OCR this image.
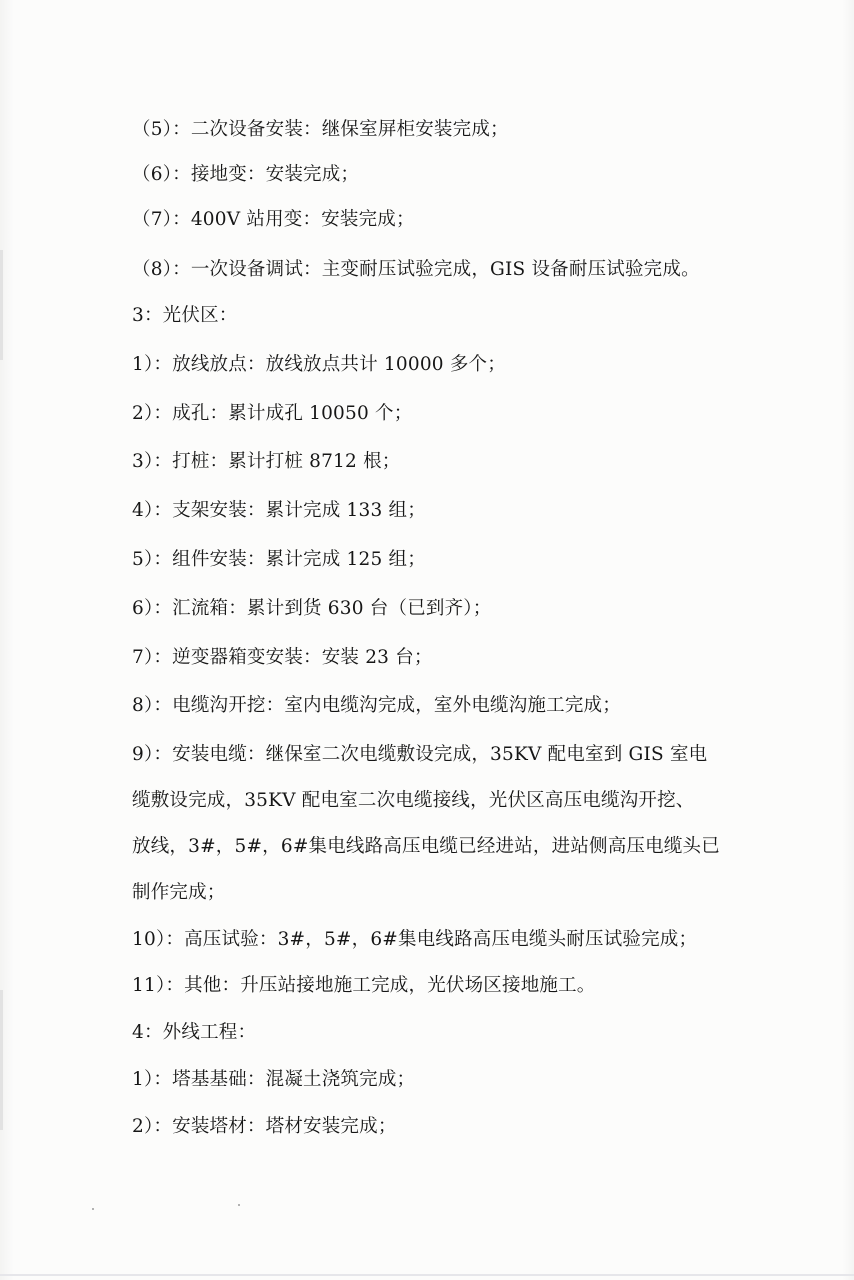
（5）：二次设备安装：继保室屏柜安装完成；
（6）：接地变：安装完成；
（7）：400V 站用变：安装完成；
（8）：一次设备调试：主变耐压试验完成，GIS 设备耐压试验完成。
3：光伏区：
1）：放线放点：放线放点共计 10000 多个；
2）：成孔：累计成孔 10050 个；
3）：打桩：累计打桩 8712 根；
4）：支架安装：累计完成 133 组；
5）：组件安装：累计完成 125 组；
6）：汇流箱：累计到货 630 台（已到齐）；
7）：逆变器箱变安装：安装 23 台；
8）：电缆沟开挖：室内电缆沟完成，室外电缆沟施工完成；
9）：安装电缆：继保室二次电缆敷设完成，35KV 配电室到 GIS 室电
缆敷设完成，35KV 配电室二次电缆接线，光伏区高压电缆沟开挖、
放线，3#，5#，6#集电线路高压电缆已经进站，进站侧高压电缆头已
制作完成；
10）：高压试验：3#，5#，6#集电线路高压电缆头耐压试验完成；
11）：其他：升压站接地施工完成，光伏场区接地施工。
4：外线工程：
1）：塔基基础：混凝土浇筑完成；
2）：安装塔材：塔材安装完成；
